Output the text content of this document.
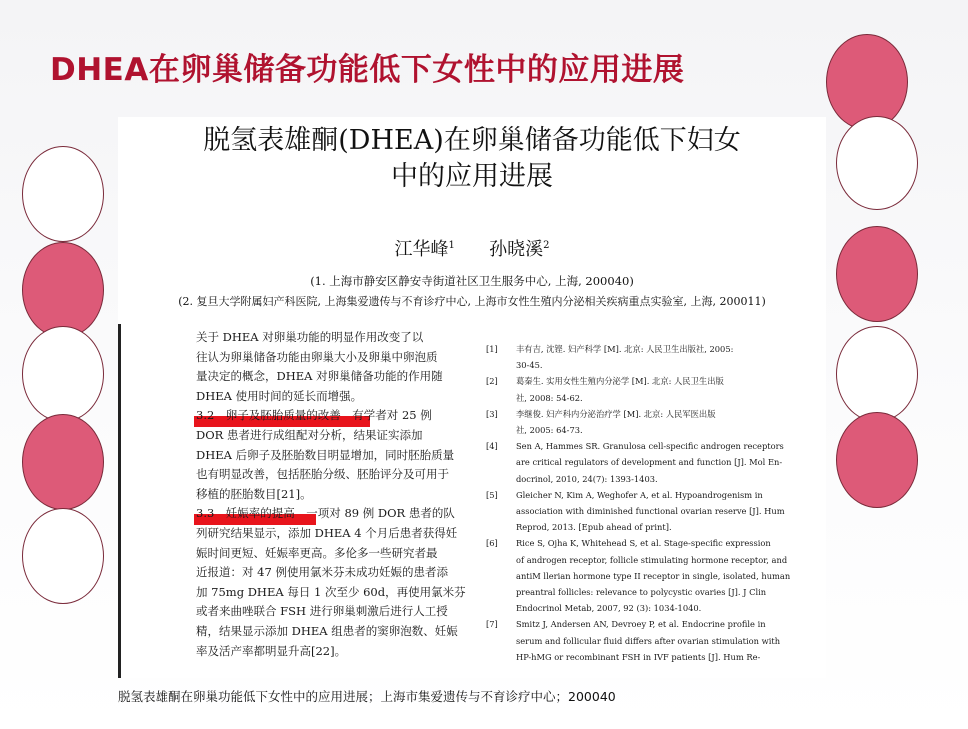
DHEA在卵巢储备功能低下女性中的应用进展
脱氢表雄酮(DHEA)在卵巢储备功能低下妇女
中的应用进展
江华峰$^1$ 孙晓溪$^2$
(1. 上海市静安区静安寺街道社区卫生服务中心, 上海, 200040)
(2. 复旦大学附属妇产科医院, 上海集爱遗传与不育诊疗中心, 上海市女性生殖内分泌相关疾病重点实验室, 上海, 200011)
关于 DHEA 对卵巢功能的明显作用改变了以
往认为卵巢储备功能由卵巢大小及卵巢中卵泡质
量决定的概念，DHEA 对卵巢储备功能的作用随
DHEA 使用时间的延长而增强。
3.2　卵子及胚胎质量的改善　有学者对 25 例
DOR 患者进行成组配对分析，结果证实添加
DHEA 后卵子及胚胎数目明显增加，同时胚胎质量
也有明显改善，包括胚胎分级、胚胎评分及可用于
移植的胚胎数目[21]。
3.3　妊娠率的提高　一项对 89 例 DOR 患者的队
列研究结果显示，添加 DHEA 4 个月后患者获得妊
娠时间更短、妊娠率更高。多伦多一些研究者最
近报道：对 47 例使用氯米芬未成功妊娠的患者添
加 75mg DHEA 每日 1 次至少 60d，再使用氯米芬
或者来曲唑联合 FSH 进行卵巢刺激后进行人工授
精，结果显示添加 DHEA 组患者的窦卵泡数、妊娠
率及活产率都明显升高[22]。
[1] 丰有吉, 沈铿. 妇产科学 [M]. 北京: 人民卫生出版社, 2005:
30-45.
[2] 葛秦生. 实用女性生殖内分泌学 [M]. 北京: 人民卫生出版
社, 2008: 54-62.
[3] 李继俊. 妇产科内分泌治疗学 [M]. 北京: 人民军医出版
社, 2005: 64-73.
[4] Sen A, Hammes SR. Granulosa cell-specific androgen receptors
are critical regulators of development and function [J]. Mol En-
docrinol, 2010, 24(7): 1393-1403.
[5] Gleicher N, Kim A, Weghofer A, et al. Hypoandrogenism in
association with diminished functional ovarian reserve [J]. Hum
Reprod, 2013. [Epub ahead of print].
[6] Rice S, Ojha K, Whitehead S, et al. Stage-specific expression
of androgen receptor, follicle stimulating hormone receptor, and
antiM llerian hormone type II receptor in single, isolated, human
preantral follicles: relevance to polycystic ovaries [J]. J Clin
Endocrinol Metab, 2007, 92 (3): 1034-1040.
[7] Smitz J, Andersen AN, Devroey P, et al. Endocrine profile in
serum and follicular fluid differs after ovarian stimulation with
HP-hMG or recombinant FSH in IVF patients [J]. Hum Re-
脱氢表雄酮在卵巢功能低下女性中的应用进展；上海市集爱遗传与不育诊疗中心；200040
